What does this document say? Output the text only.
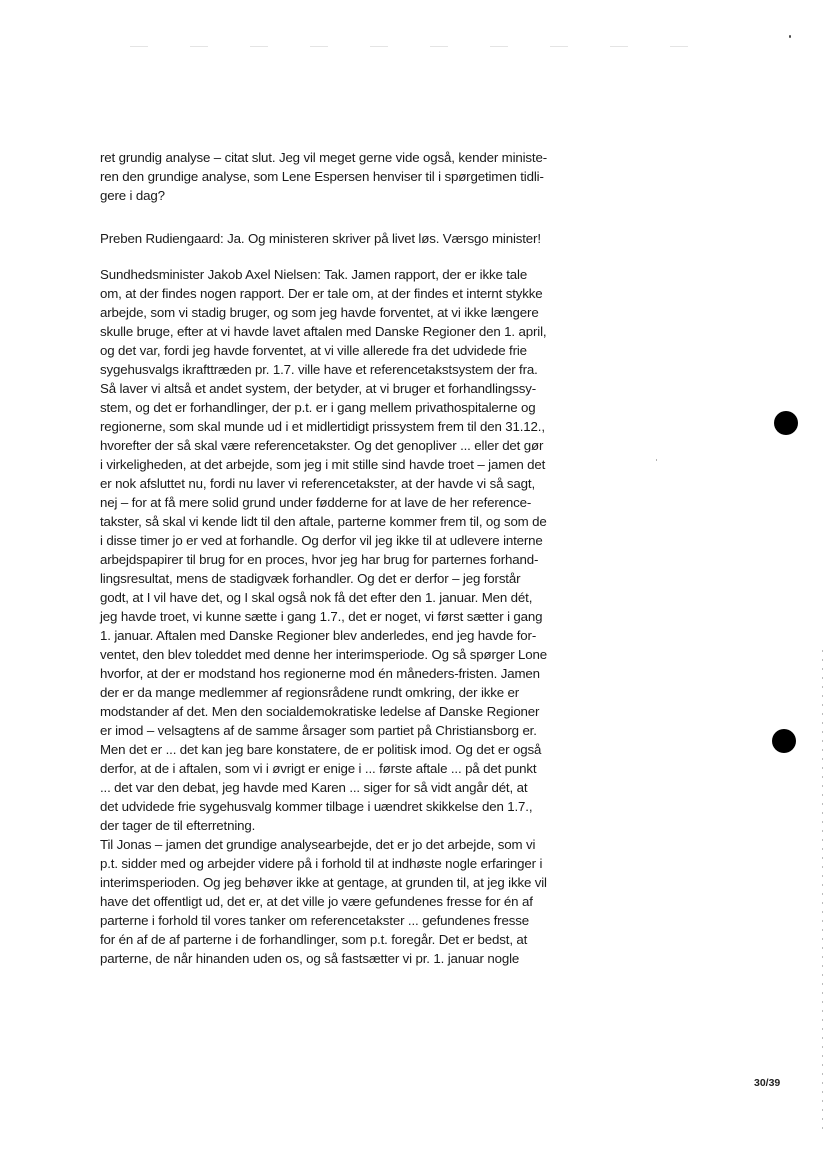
ret grundig analyse – citat slut. Jeg vil meget gerne vide også, kender ministe-
ren den grundige analyse, som Lene Espersen henviser til i spørgetimen tidli-
gere i dag?
Preben Rudiengaard: Ja. Og ministeren skriver på livet løs. Værsgo minister!
Sundhedsminister Jakob Axel Nielsen: Tak. Jamen rapport, der er ikke tale
om, at der findes nogen rapport. Der er tale om, at der findes et internt stykke
arbejde, som vi stadig bruger, og som jeg havde forventet, at vi ikke længere
skulle bruge, efter at vi havde lavet aftalen med Danske Regioner den 1. april,
og det var, fordi jeg havde forventet, at vi ville allerede fra det udvidede frie
sygehusvalgs ikrafttræden pr. 1.7. ville have et referencetakstsystem der fra.
Så laver vi altså et andet system, der betyder, at vi bruger et forhandlingssy-
stem, og det er forhandlinger, der p.t. er i gang mellem privathospitalerne og
regionerne, som skal munde ud i et midlertidigt prissystem frem til den 31.12.,
hvorefter der så skal være referencetakster. Og det genopliver ... eller det gør
i virkeligheden, at det arbejde, som jeg i mit stille sind havde troet – jamen det
er nok afsluttet nu, fordi nu laver vi referencetakster, at der havde vi så sagt,
nej – for at få mere solid grund under fødderne for at lave de her reference-
takster, så skal vi kende lidt til den aftale, parterne kommer frem til, og som de
i disse timer jo er ved at forhandle. Og derfor vil jeg ikke til at udlevere interne
arbejdspapirer til brug for en proces, hvor jeg har brug for parternes forhand-
lingsresultat, mens de stadigvæk forhandler. Og det er derfor – jeg forstår
godt, at I vil have det, og I skal også nok få det efter den 1. januar. Men dét,
jeg havde troet, vi kunne sætte i gang 1.7., det er noget, vi først sætter i gang
1. januar. Aftalen med Danske Regioner blev anderledes, end jeg havde for-
ventet, den blev toleddet med denne her interimsperiode. Og så spørger Lone
hvorfor, at der er modstand hos regionerne mod én måneders-fristen. Jamen
der er da mange medlemmer af regionsrådene rundt omkring, der ikke er
modstander af det. Men den socialdemokratiske ledelse af Danske Regioner
er imod – velsagtens af de samme årsager som partiet på Christiansborg er.
Men det er ... det kan jeg bare konstatere, de er politisk imod. Og det er også
derfor, at de i aftalen, som vi i øvrigt er enige i ... første aftale ... på det punkt
... det var den debat, jeg havde med Karen ... siger for så vidt angår dét, at
det udvidede frie sygehusvalg kommer tilbage i uændret skikkelse den 1.7.,
der tager de til efterretning.
Til Jonas – jamen det grundige analysearbejde, det er jo det arbejde, som vi
p.t. sidder med og arbejder videre på i forhold til at indhøste nogle erfaringer i
interimsperioden. Og jeg behøver ikke at gentage, at grunden til, at jeg ikke vil
have det offentligt ud, det er, at det ville jo være gefundenes fresse for én af
parterne i forhold til vores tanker om referencetakster ... gefundenes fresse
for én af de af parterne i de forhandlinger, som p.t. foregår. Det er bedst, at
parterne, de når hinanden uden os, og så fastsætter vi pr. 1. januar nogle
30/39
